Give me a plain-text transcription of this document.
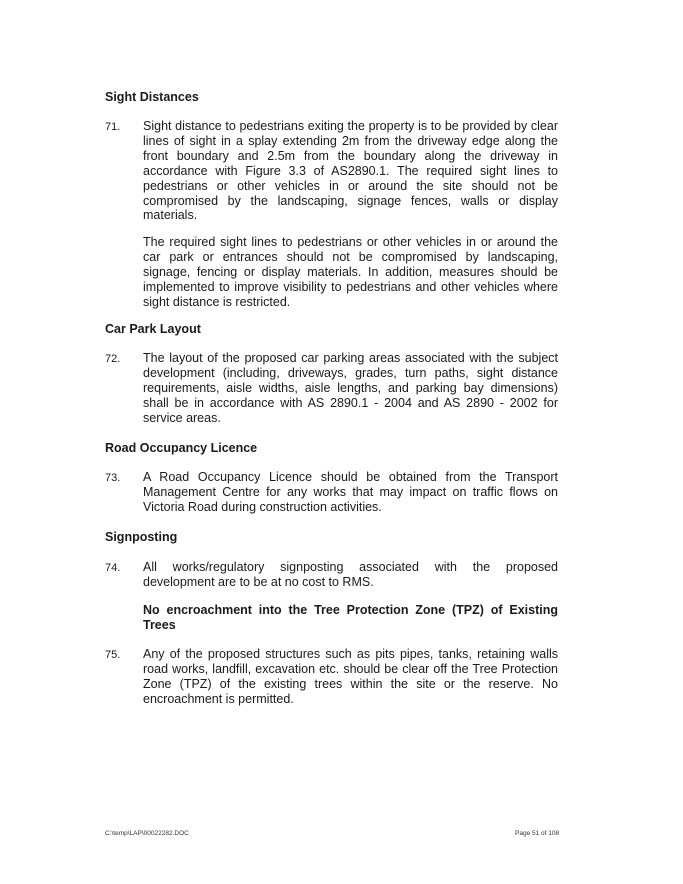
Sight Distances
71. Sight distance to pedestrians exiting the property is to be provided by clear lines of sight in a splay extending 2m from the driveway edge along the front boundary and 2.5m from the boundary along the driveway in accordance with Figure 3.3 of AS2890.1. The required sight lines to pedestrians or other vehicles in or around the site should not be compromised by the landscaping, signage fences, walls or display materials.
The required sight lines to pedestrians or other vehicles in or around the car park or entrances should not be compromised by landscaping, signage, fencing or display materials. In addition, measures should be implemented to improve visibility to pedestrians and other vehicles where sight distance is restricted.
Car Park Layout
72. The layout of the proposed car parking areas associated with the subject development (including, driveways, grades, turn paths, sight distance requirements, aisle widths, aisle lengths, and parking bay dimensions) shall be in accordance with AS 2890.1 - 2004 and AS 2890 - 2002 for service areas.
Road Occupancy Licence
73. A Road Occupancy Licence should be obtained from the Transport Management Centre for any works that may impact on traffic flows on Victoria Road during construction activities.
Signposting
74. All works/regulatory signposting associated with the proposed development are to be at no cost to RMS.
No encroachment into the Tree Protection Zone (TPZ) of Existing Trees
75. Any of the proposed structures such as pits pipes, tanks, retaining walls road works, landfill, excavation etc. should be clear off the Tree Protection Zone (TPZ) of the existing trees within the site or the reserve. No encroachment is permitted.
C:\temp\LAP\00022282.DOC	Page 51 of 108
